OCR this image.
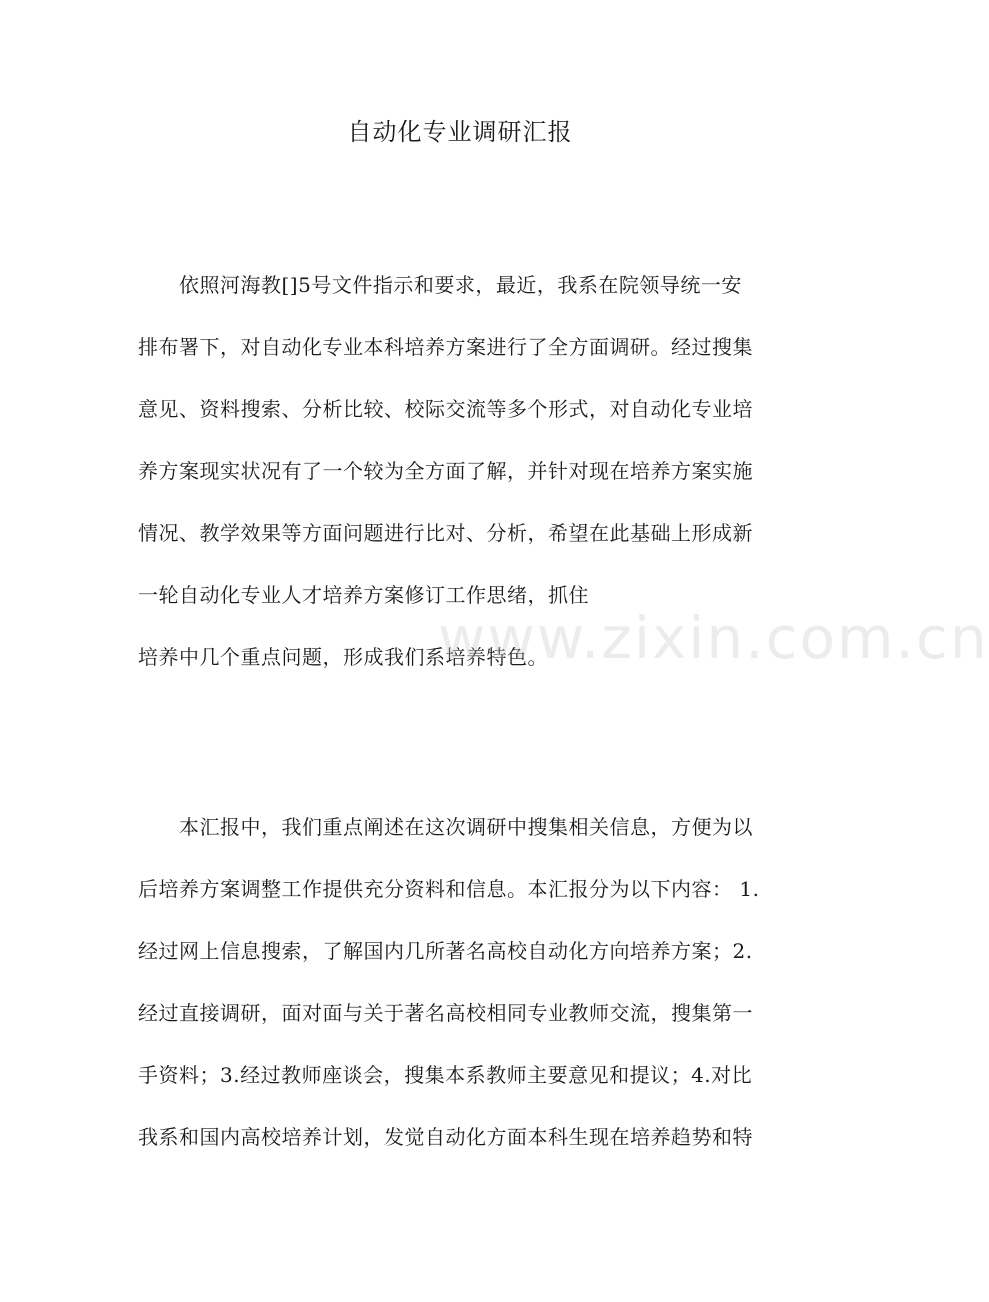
自动化专业调研汇报
　　依照河海教[]5号文件指示和要求，最近，我系在院领导统一安
排布署下，对自动化专业本科培养方案进行了全方面调研。经过搜集
意见、资料搜索、分析比较、校际交流等多个形式，对自动化专业培
养方案现实状况有了一个较为全方面了解，并针对现在培养方案实施
情况、教学效果等方面问题进行比对、分析，希望在此基础上形成新
一轮自动化专业人才培养方案修订工作思绪，抓住
培养中几个重点问题，形成我们系培养特色。
　　本汇报中，我们重点阐述在这次调研中搜集相关信息，方便为以
后培养方案调整工作提供充分资料和信息。本汇报分为以下内容： 1.
经过网上信息搜索，了解国内几所著名高校自动化方向培养方案；2.
经过直接调研，面对面与关于著名高校相同专业教师交流，搜集第一
手资料；3.经过教师座谈会，搜集本系教师主要意见和提议；4.对比
我系和国内高校培养计划，发觉自动化方面本科生现在培养趋势和特
www.zixin.com.cn
